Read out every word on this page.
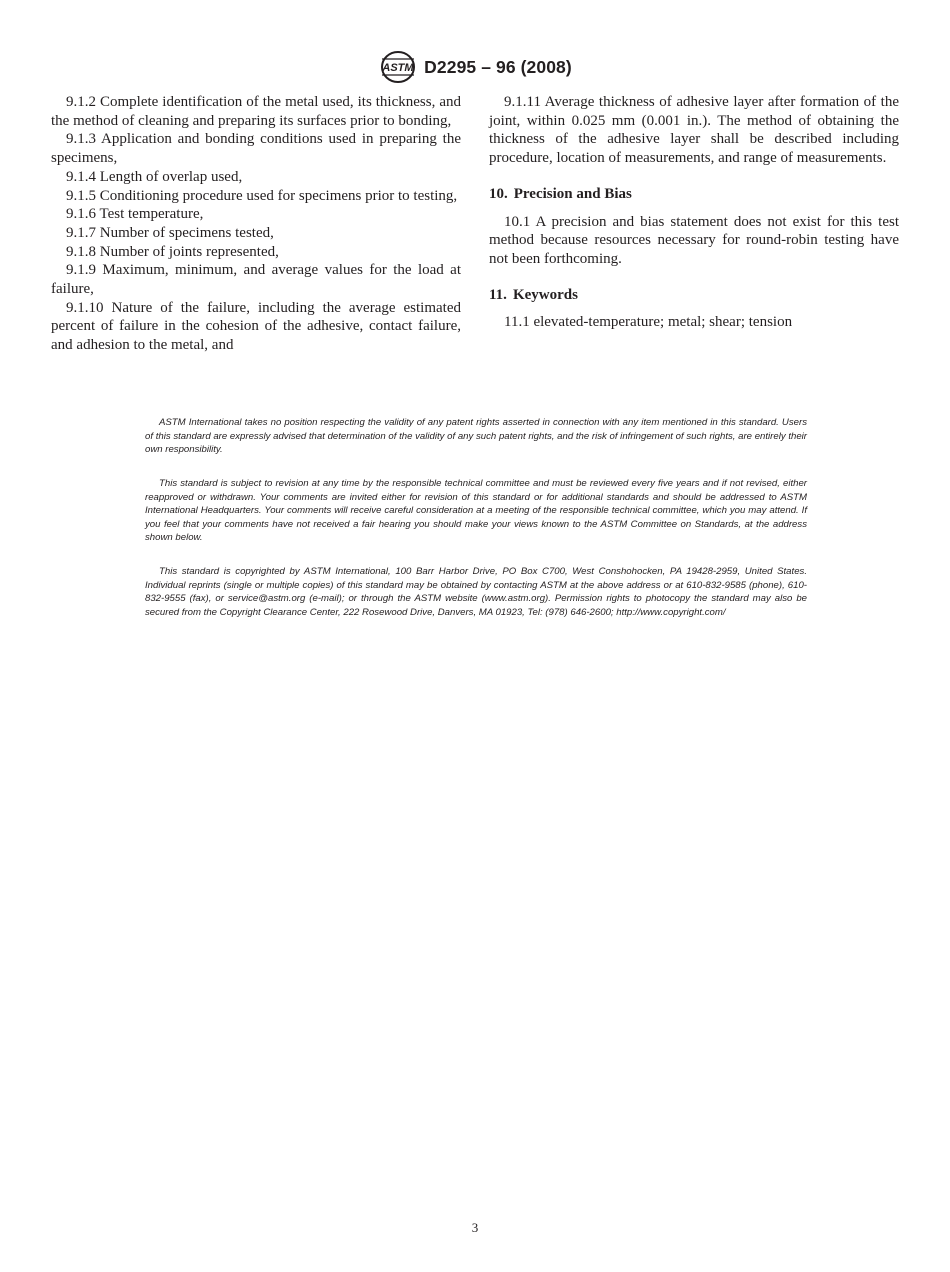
ASTM D2295 – 96 (2008)

9.1.2 Complete identification of the metal used, its thickness, and the method of cleaning and preparing its surfaces prior to bonding,

9.1.3 Application and bonding conditions used in preparing the specimens,

9.1.4 Length of overlap used,

9.1.5 Conditioning procedure used for specimens prior to testing,

9.1.6 Test temperature,

9.1.7 Number of specimens tested,

9.1.8 Number of joints represented,

9.1.9 Maximum, minimum, and average values for the load at failure,

9.1.10 Nature of the failure, including the average estimated percent of failure in the cohesion of the adhesive, contact failure, and adhesion to the metal, and

9.1.11 Average thickness of adhesive layer after formation of the joint, within 0.025 mm (0.001 in.). The method of obtaining the thickness of the adhesive layer shall be described including procedure, location of measurements, and range of measurements.

10. Precision and Bias

10.1 A precision and bias statement does not exist for this test method because resources necessary for round-robin testing have not been forthcoming.

11. Keywords

11.1 elevated-temperature; metal; shear; tension

ASTM International takes no position respecting the validity of any patent rights asserted in connection with any item mentioned in this standard. Users of this standard are expressly advised that determination of the validity of any such patent rights, and the risk of infringement of such rights, are entirely their own responsibility.

This standard is subject to revision at any time by the responsible technical committee and must be reviewed every five years and if not revised, either reapproved or withdrawn. Your comments are invited either for revision of this standard or for additional standards and should be addressed to ASTM International Headquarters. Your comments will receive careful consideration at a meeting of the responsible technical committee, which you may attend. If you feel that your comments have not received a fair hearing you should make your views known to the ASTM Committee on Standards, at the address shown below.

This standard is copyrighted by ASTM International, 100 Barr Harbor Drive, PO Box C700, West Conshohocken, PA 19428-2959, United States. Individual reprints (single or multiple copies) of this standard may be obtained by contacting ASTM at the above address or at 610-832-9585 (phone), 610-832-9555 (fax), or service@astm.org (e-mail); or through the ASTM website (www.astm.org). Permission rights to photocopy the standard may also be secured from the Copyright Clearance Center, 222 Rosewood Drive, Danvers, MA 01923, Tel: (978) 646-2600; http://www.copyright.com/

3
